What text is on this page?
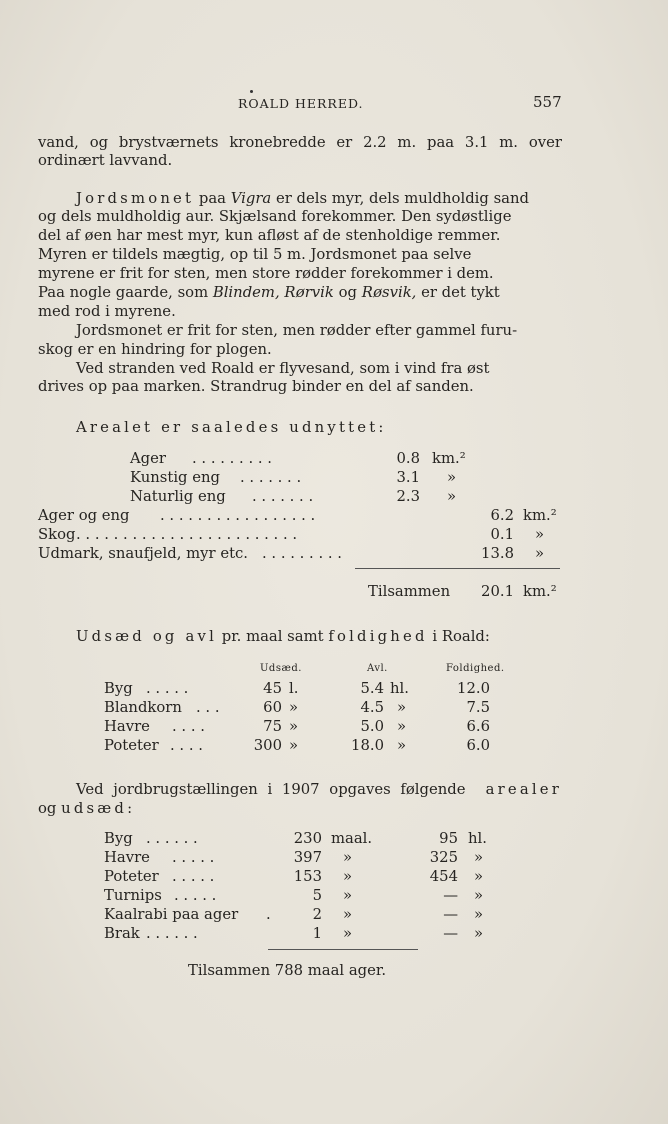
ROALD HERRED.	557
vand, og brystværnets kronebredde er 2.2 m. paa 3.1 m. over
ordinært lavvand.
Jordsmonet paa Vigra er dels myr, dels muldholdig sand
og dels muldholdig aur. Skjælsand forekommer. Den sydøstlige
del af øen har mest myr, kun afløst af de stenholdige remmer.
Myren er tildels mægtig, op til 5 m. Jordsmonet paa selve
myrene er frit for sten, men store rødder forekommer i dem.
Paa nogle gaarde, som Blindem, Rørvik og Røsvik, er det tykt
med rod i myrene.
Jordsmonet er frit for sten, men rødder efter gammel furu-
skog er en hindring for plogen.
Ved stranden ved Roald er flyvesand, som i vind fra øst
drives op paa marken. Strandrug binder en del af sanden.
Arealet er saaledes udnyttet:
Ager . . . . . . . . .	0.8 km.²
Kunstig eng . . . . . . .	3.1 »
Naturlig eng . . . . . . .	2.3 »
Ager og eng . . . . . . . . . . . . . . . . .	6.2 km.²
Skog . . . . . . . . . . . . . . . . . . . . . . . .	0.1 »
Udmark, snaufjeld, myr etc. . . . . . . . . .	13.8 »
Tilsammen	20.1 km.²
Udsæd og avl pr. maal samt foldighed i Roald:
Udsæd.	Avl.	Foldighed.
Byg . . . . .	45 l.	5.4 hl.	12.0
Blandkorn . . .	60 »	4.5 »	7.5
Havre . . . .	75 »	5.0 »	6.6
Poteter . . . .	300 »	18.0 »	6.0
Ved jordbrugstællingen i 1907 opgaves følgende arealer
og udsæd:
Byg . . . . . .	230 maal.	95 hl.
Havre . . . . .	397 »	325 »
Poteter . . . . .	153 »	454 »
Turnips . . . . .	5 »	— »
Kaalrabi paa ager .	2 »	— »
Brak . . . . . .	1 »	— »
Tilsammen 788 maal ager.
